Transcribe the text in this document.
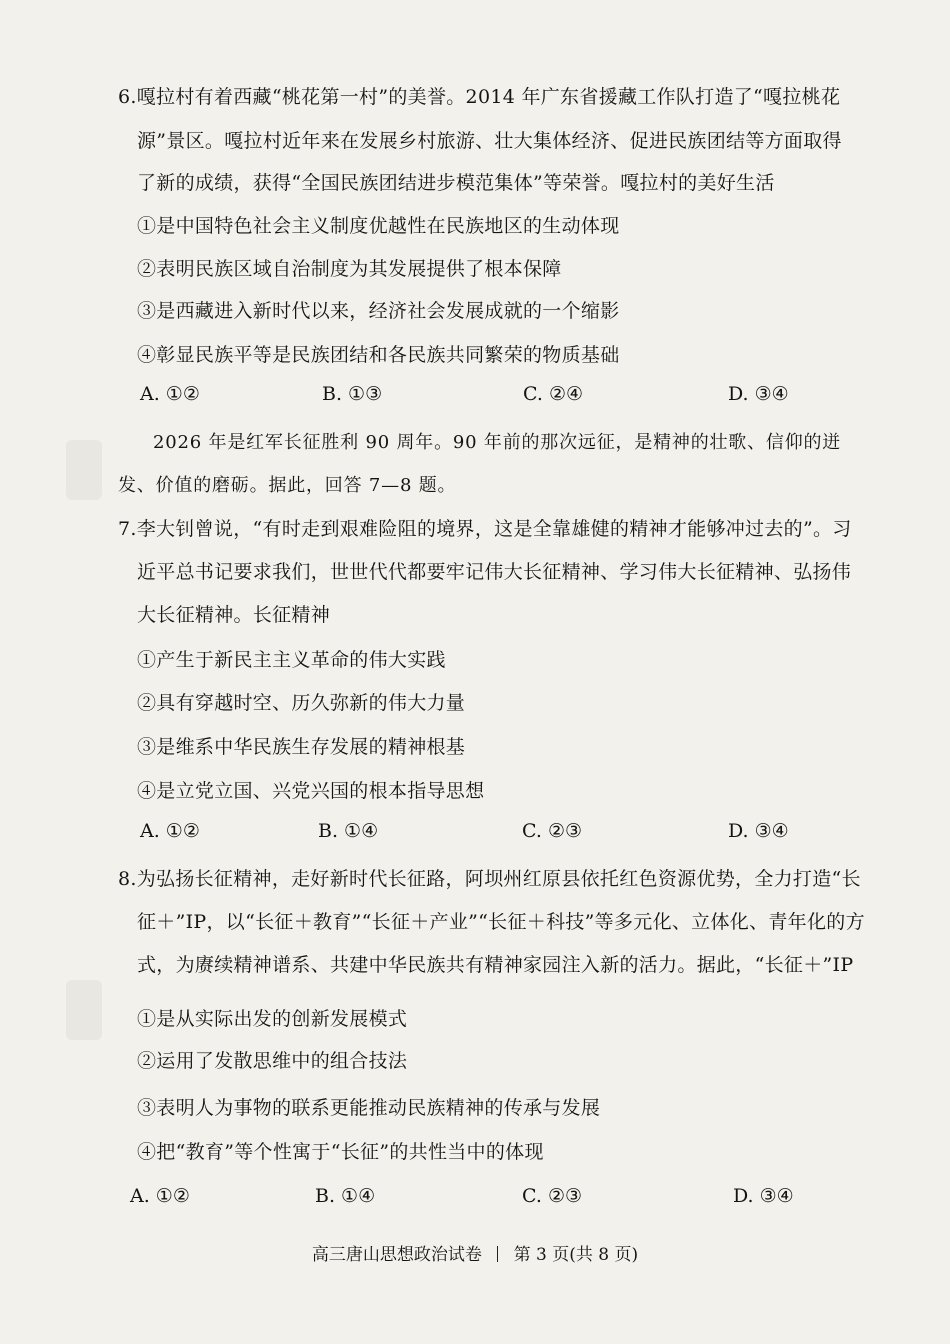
6.嘎拉村有着西藏“桃花第一村”的美誉。2014 年广东省援藏工作队打造了“嘎拉桃花
源”景区。嘎拉村近年来在发展乡村旅游、壮大集体经济、促进民族团结等方面取得
了新的成绩，获得“全国民族团结进步模范集体”等荣誉。嘎拉村的美好生活
①是中国特色社会主义制度优越性在民族地区的生动体现
②表明民族区域自治制度为其发展提供了根本保障
③是西藏进入新时代以来，经济社会发展成就的一个缩影
④彰显民族平等是民族团结和各民族共同繁荣的物质基础
A. ①②	B. ①③	C. ②④	D. ③④
2026 年是红军长征胜利 90 周年。90 年前的那次远征，是精神的壮歌、信仰的迸
发、价值的磨砺。据此，回答 7—8 题。
7.李大钊曾说，“有时走到艰难险阻的境界，这是全靠雄健的精神才能够冲过去的”。习
近平总书记要求我们，世世代代都要牢记伟大长征精神、学习伟大长征精神、弘扬伟
大长征精神。长征精神
①产生于新民主主义革命的伟大实践
②具有穿越时空、历久弥新的伟大力量
③是维系中华民族生存发展的精神根基
④是立党立国、兴党兴国的根本指导思想
A. ①②	B. ①④	C. ②③	D. ③④
8.为弘扬长征精神，走好新时代长征路，阿坝州红原县依托红色资源优势，全力打造“长
征＋”IP，以“长征＋教育”“长征＋产业”“长征＋科技”等多元化、立体化、青年化的方
式，为赓续精神谱系、共建中华民族共有精神家园注入新的活力。据此，“长征＋”IP
①是从实际出发的创新发展模式
②运用了发散思维中的组合技法
③表明人为事物的联系更能推动民族精神的传承与发展
④把“教育”等个性寓于“长征”的共性当中的体现
A. ①②	B. ①④	C. ②③	D. ③④
高三唐山思想政治试卷 第 3 页(共 8 页)
